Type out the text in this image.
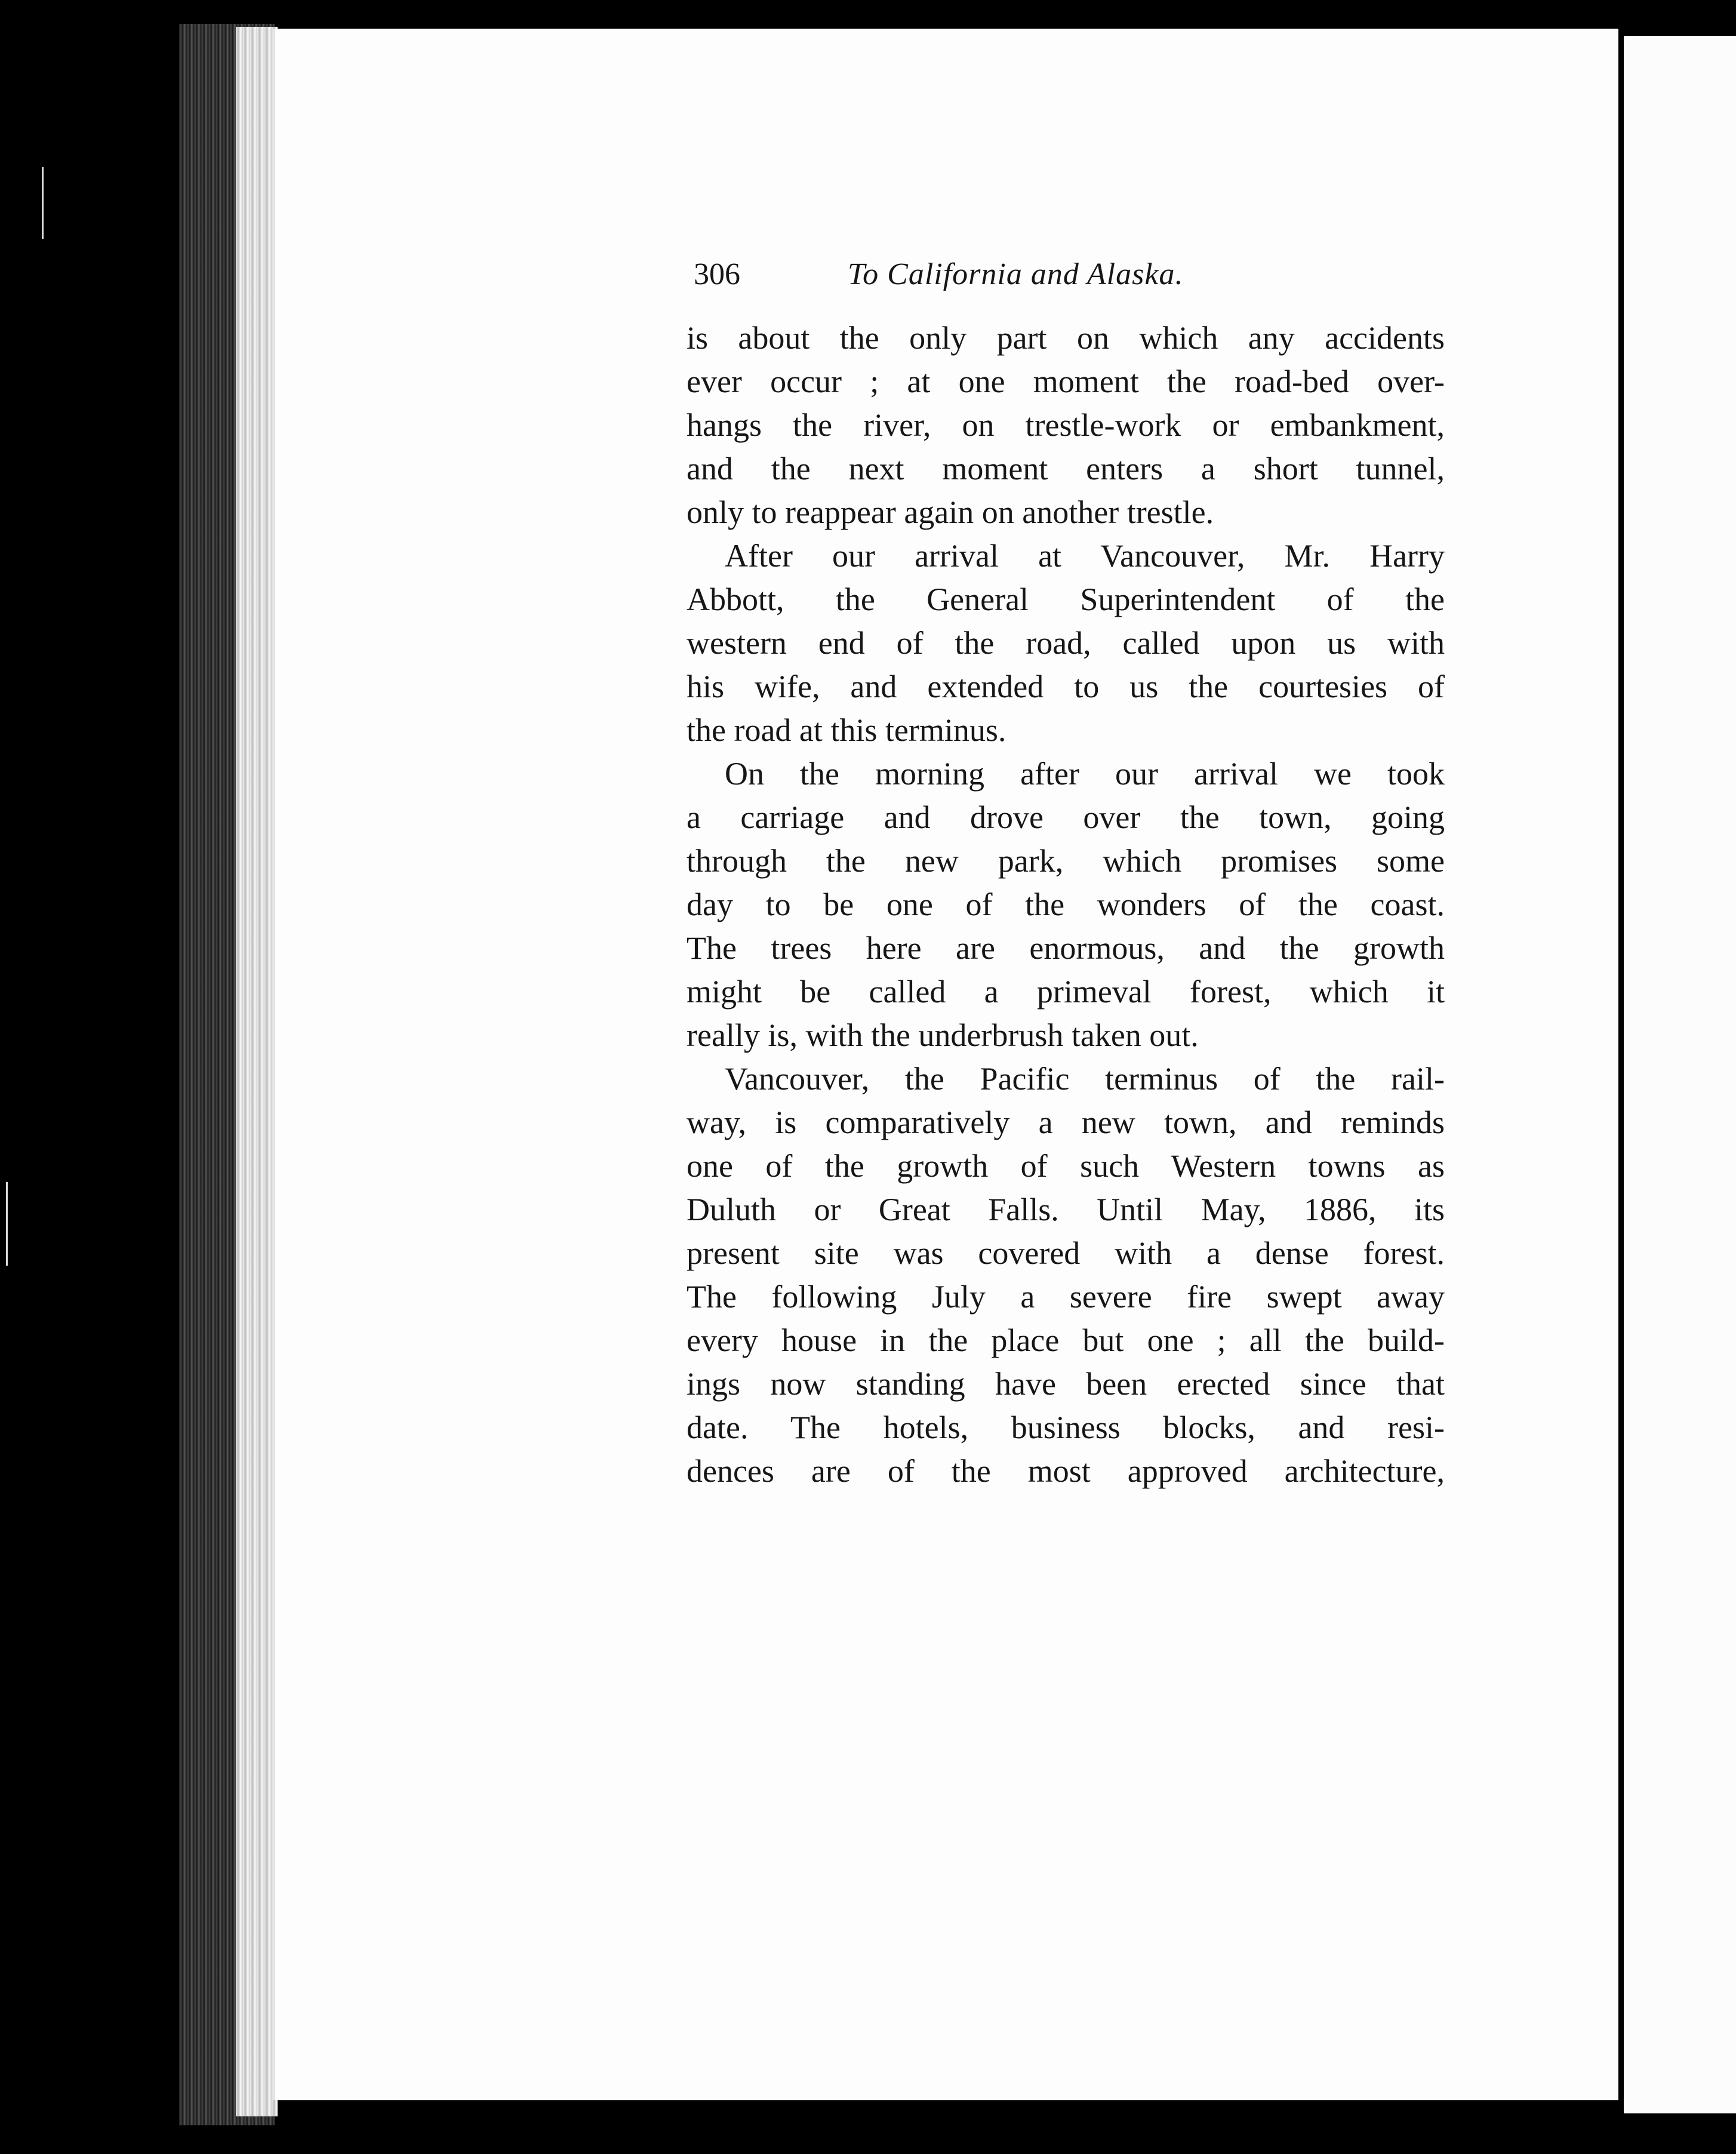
306	To California and Alaska.

is about the only part on which any accidents
ever occur ; at one moment the road-bed over-
hangs the river, on trestle-work or embankment,
and the next moment enters a short tunnel,
only to reappear again on another trestle.

After our arrival at Vancouver, Mr. Harry
Abbott, the General Superintendent of the
western end of the road, called upon us with
his wife, and extended to us the courtesies of
the road at this terminus.

On the morning after our arrival we took
a carriage and drove over the town, going
through the new park, which promises some
day to be one of the wonders of the coast.
The trees here are enormous, and the growth
might be called a primeval forest, which it
really is, with the underbrush taken out.

Vancouver, the Pacific terminus of the rail-
way, is comparatively a new town, and reminds
one of the growth of such Western towns as
Duluth or Great Falls. Until May, 1886, its
present site was covered with a dense forest.
The following July a severe fire swept away
every house in the place but one ; all the build-
ings now standing have been erected since that
date. The hotels, business blocks, and resi-
dences are of the most approved architecture,
